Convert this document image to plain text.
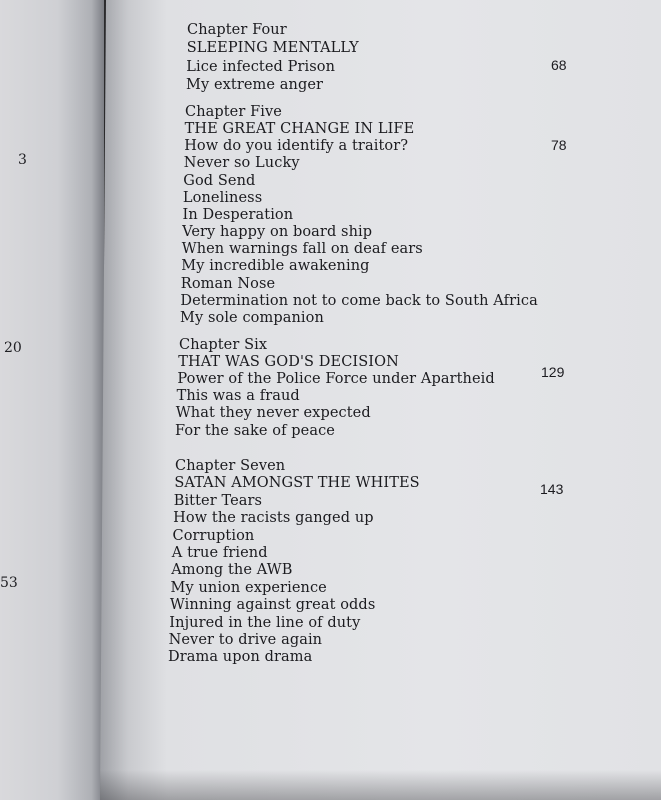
3
20
53
Chapter Four
SLEEPING MENTALLY
Lice infected Prison
My extreme anger
68
Chapter Five
THE GREAT CHANGE IN LIFE
How do you identify a traitor?
Never so Lucky
God Send
Loneliness
In Desperation
Very happy on board ship
When warnings fall on deaf ears
My incredible awakening
Roman Nose
Determination not to come back to South Africa
My sole companion
78
Chapter Six
THAT WAS GOD'S DECISION
Power of the Police Force under Apartheid
This was a fraud
What they never expected
For the sake of peace
129
Chapter Seven
SATAN AMONGST THE WHITES
Bitter Tears
How the racists ganged up
Corruption
A true friend
Among the AWB
My union experience
Winning against great odds
Injured in the line of duty
Never to drive again
Drama upon drama
143
